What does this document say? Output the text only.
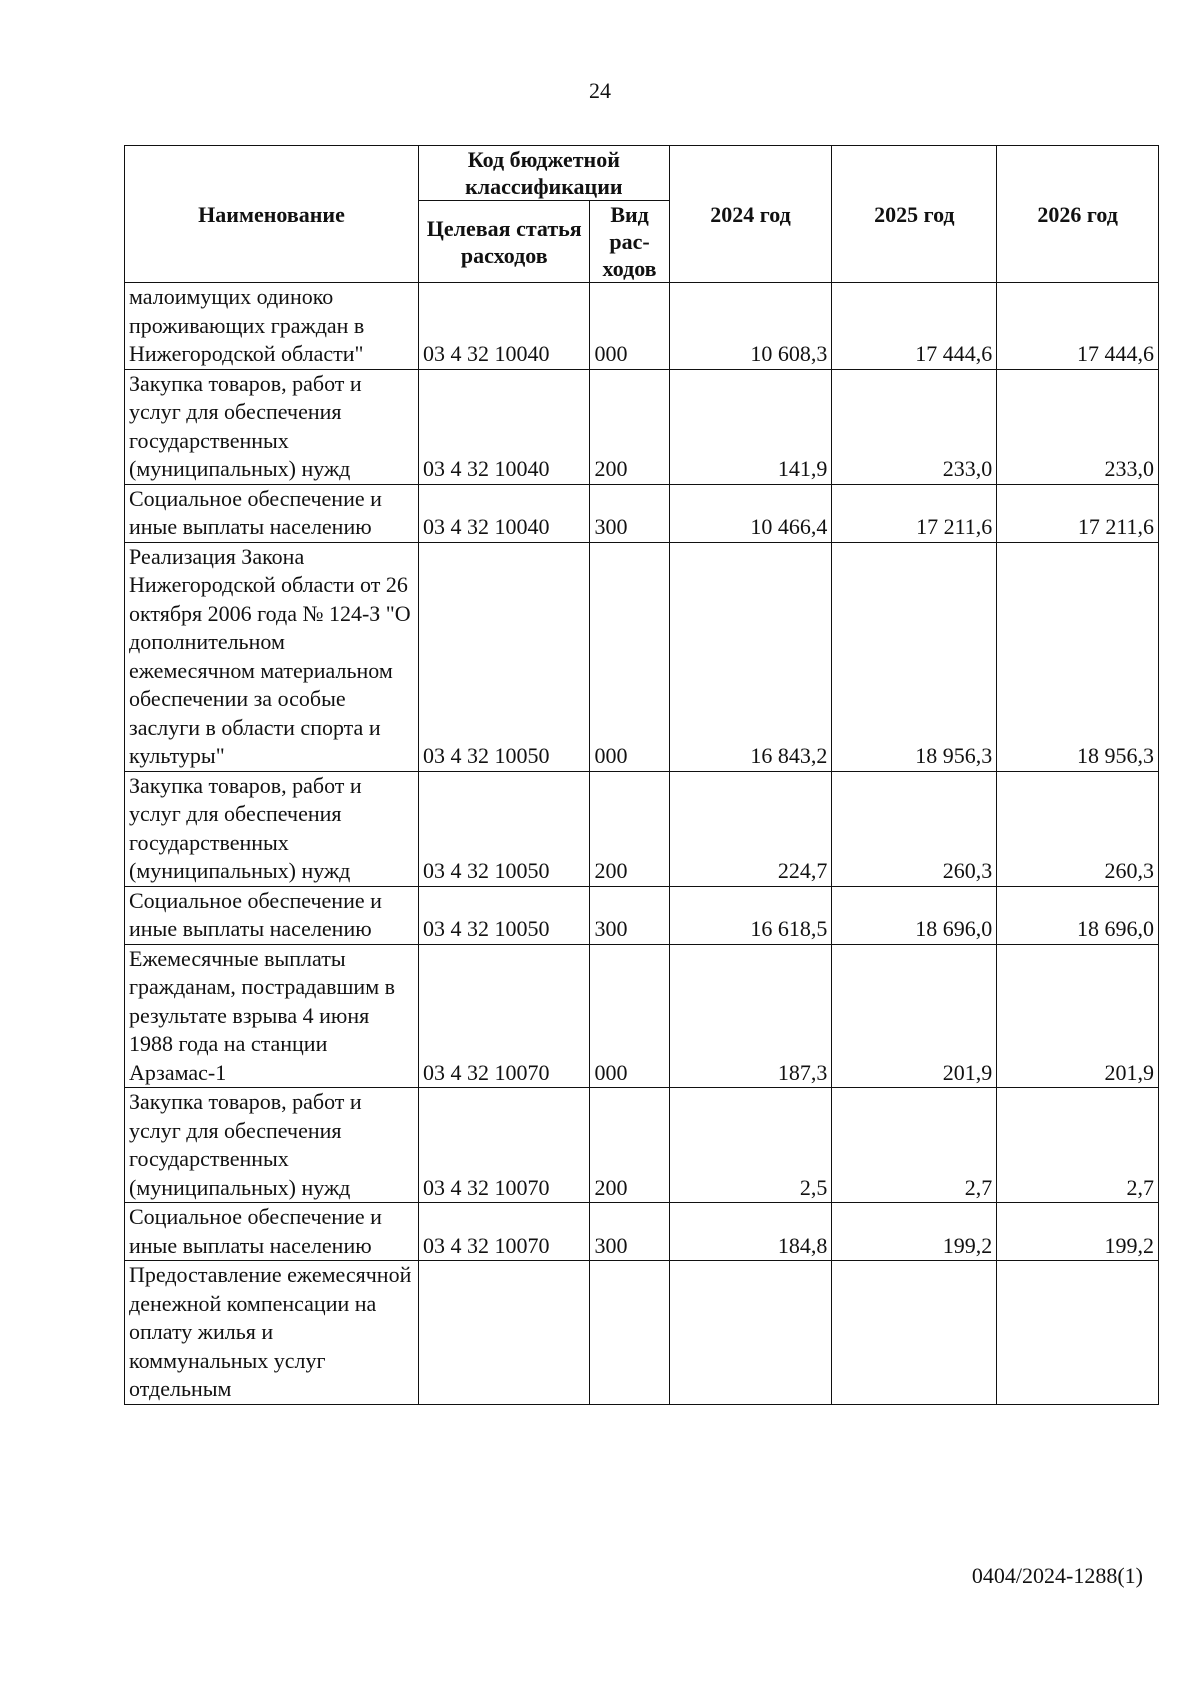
24
Наименование	Код бюджетной классификации		2024 год	2025 год	2026 год
	Целевая статья расходов	Вид рас-ходов			
малоимущих одиноко проживающих граждан в Нижегородской области"	03 4 32 10040	000	10 608,3	17 444,6	17 444,6
Закупка товаров, работ и услуг для обеспечения государственных (муниципальных) нужд	03 4 32 10040	200	141,9	233,0	233,0
Социальное обеспечение и иные выплаты населению	03 4 32 10040	300	10 466,4	17 211,6	17 211,6
Реализация Закона Нижегородской области от 26 октября 2006 года № 124-З "О дополнительном ежемесячном материальном обеспечении за особые заслуги в области спорта и культуры"	03 4 32 10050	000	16 843,2	18 956,3	18 956,3
Закупка товаров, работ и услуг для обеспечения государственных (муниципальных) нужд	03 4 32 10050	200	224,7	260,3	260,3
Социальное обеспечение и иные выплаты населению	03 4 32 10050	300	16 618,5	18 696,0	18 696,0
Ежемесячные выплаты гражданам, пострадавшим в результате взрыва 4 июня 1988 года на станции Арзамас-1	03 4 32 10070	000	187,3	201,9	201,9
Закупка товаров, работ и услуг для обеспечения государственных (муниципальных) нужд	03 4 32 10070	200	2,5	2,7	2,7
Социальное обеспечение и иные выплаты населению	03 4 32 10070	300	184,8	199,2	199,2
Предоставление ежемесячной денежной компенсации на оплату жилья и коммунальных услуг отдельным					
0404/2024-1288(1)
